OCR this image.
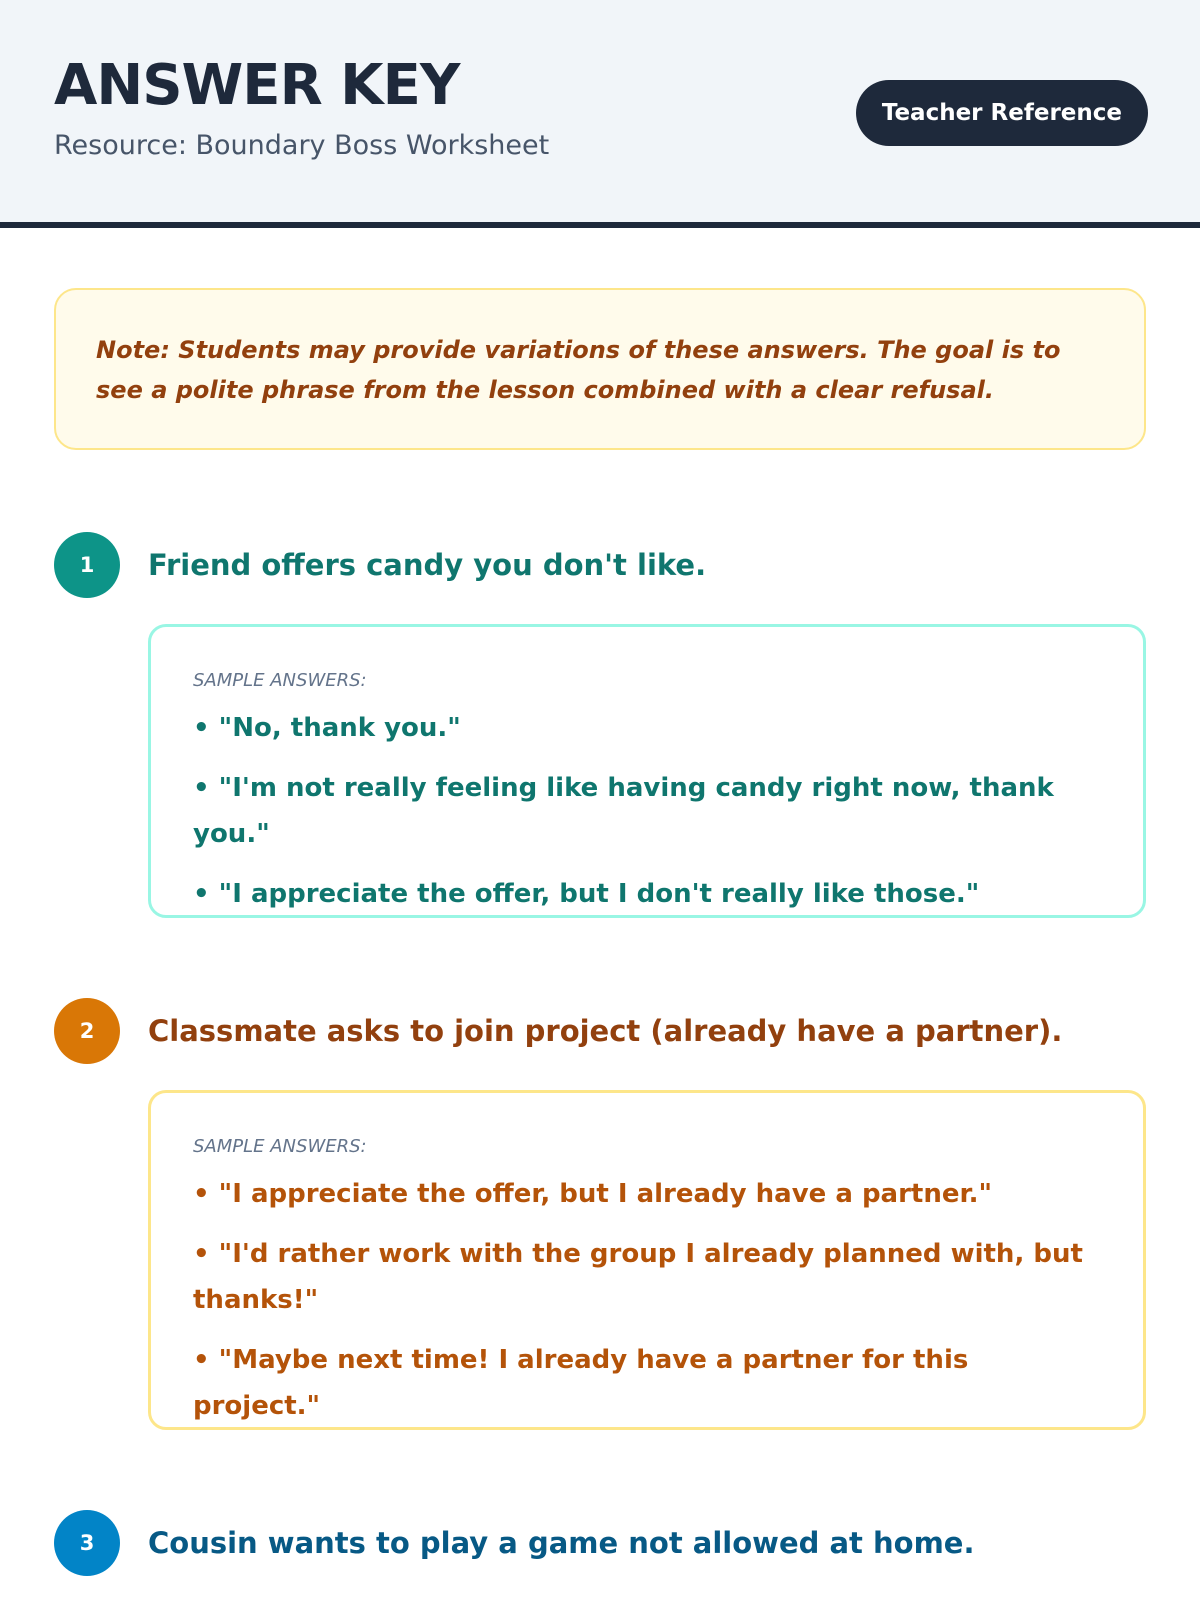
ANSWER KEY
Resource: Boundary Boss Worksheet
Teacher Reference
Note: Students may provide variations of these answers. The goal is to see a polite phrase from the lesson combined with a clear refusal.
1	Friend offers candy you don't like.
SAMPLE ANSWERS:
• "No, thank you."
• "I'm not really feeling like having candy right now, thank you."
• "I appreciate the offer, but I don't really like those."
2	Classmate asks to join project (already have a partner).
SAMPLE ANSWERS:
• "I appreciate the offer, but I already have a partner."
• "I'd rather work with the group I already planned with, but thanks!"
• "Maybe next time! I already have a partner for this project."
3	Cousin wants to play a game not allowed at home.
